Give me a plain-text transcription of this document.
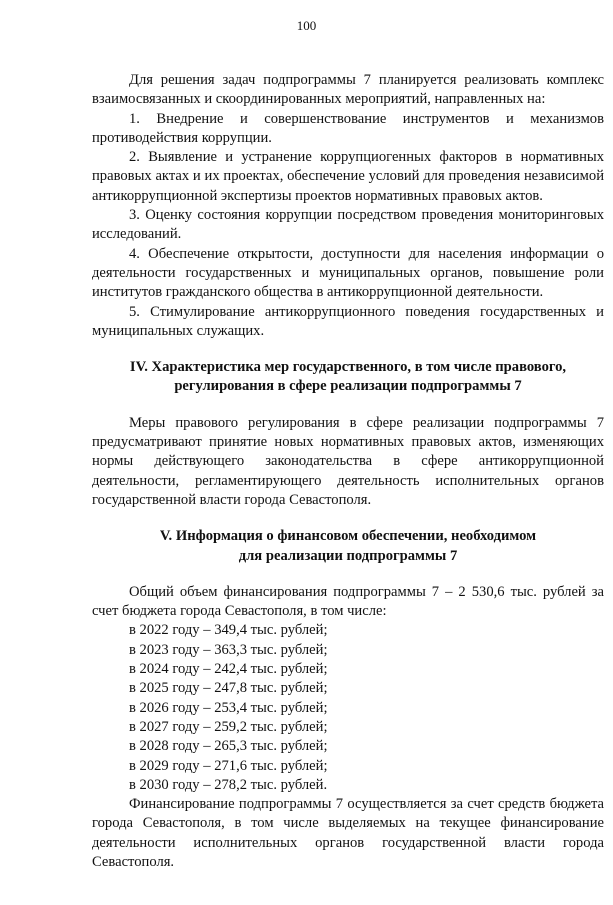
100

Для решения задач подпрограммы 7 планируется реализовать комплекс взаимосвязанных и скоординированных мероприятий, направленных на:

1. Внедрение и совершенствование инструментов и механизмов противодействия коррупции.

2. Выявление и устранение коррупциогенных факторов в нормативных правовых актах и их проектах, обеспечение условий для проведения независимой антикоррупционной экспертизы проектов нормативных правовых актов.

3. Оценку состояния коррупции посредством проведения мониторинговых исследований.

4. Обеспечение открытости, доступности для населения информации о деятельности государственных и муниципальных органов, повышение роли институтов гражданского общества в антикоррупционной деятельности.

5. Стимулирование антикоррупционного поведения государственных и муниципальных служащих.

IV. Характеристика мер государственного, в том числе правового,

регулирования в сфере реализации подпрограммы 7

Меры правового регулирования в сфере реализации подпрограммы 7 предусматривают принятие новых нормативных правовых актов, изменяющих нормы действующего законодательства в сфере антикоррупционной деятельности, регламентирующего деятельность исполнительных органов государственной власти города Севастополя.

V. Информация о финансовом обеспечении, необходимом

для реализации подпрограммы 7

Общий объем финансирования подпрограммы 7 – 2 530,6 тыс. рублей за счет бюджета города Севастополя, в том числе:

в 2022 году – 349,4 тыс. рублей;
в 2023 году – 363,3 тыс. рублей;
в 2024 году – 242,4 тыс. рублей;
в 2025 году – 247,8 тыс. рублей;
в 2026 году – 253,4 тыс. рублей;
в 2027 году – 259,2 тыс. рублей;
в 2028 году – 265,3 тыс. рублей;
в 2029 году – 271,6 тыс. рублей;
в 2030 году – 278,2 тыс. рублей.

Финансирование подпрограммы 7 осуществляется за счет средств бюджета города Севастополя, в том числе выделяемых на текущее финансирование деятельности исполнительных органов государственной власти города Севастополя.
